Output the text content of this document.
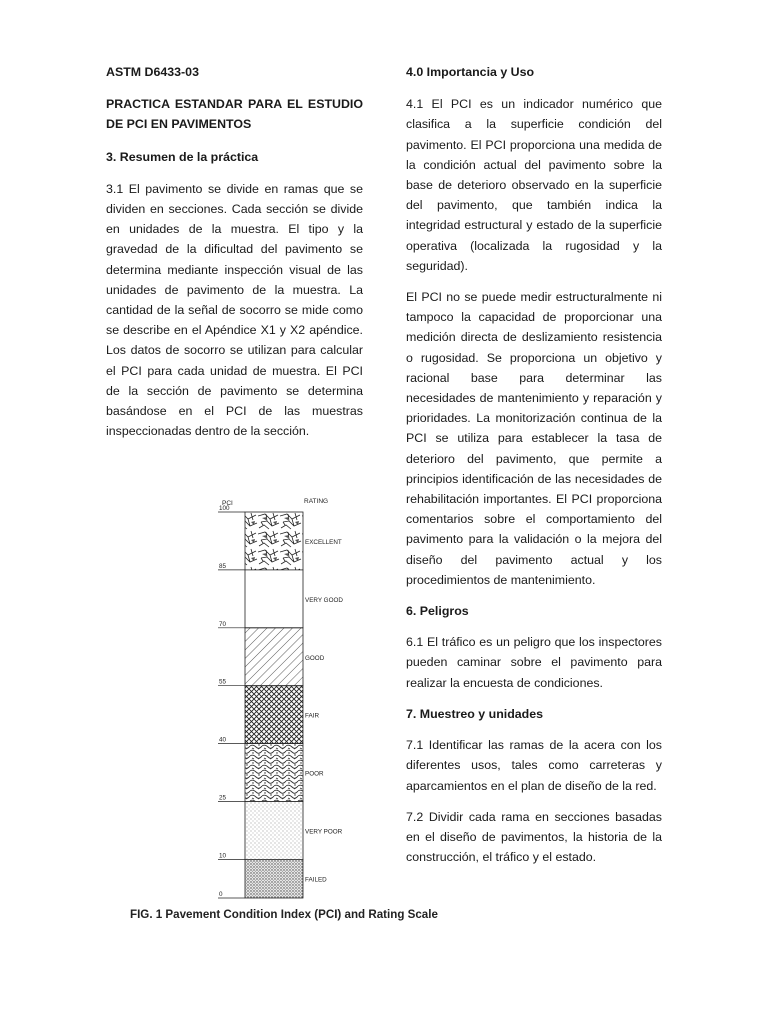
ASTM D6433-03

PRACTICA ESTANDAR PARA EL ESTUDIO DE PCI EN PAVIMENTOS

3. Resumen de la práctica

3.1 El pavimento se divide en ramas que se dividen en secciones. Cada sección se divide en unidades de la muestra. El tipo y la gravedad de la dificultad del pavimento se determina mediante inspección visual de las unidades de pavimento de la muestra. La cantidad de la señal de socorro se mide como se describe en el Apéndice X1 y X2 apéndice. Los datos de socorro se utilizan para calcular el PCI para cada unidad de muestra. El PCI de la sección de pavimento se determina basándose en el PCI de las muestras inspeccionadas dentro de la sección.

4.0 Importancia y Uso

4.1 El PCI es un indicador numérico que clasifica a la superficie condición del pavimento. El PCI proporciona una medida de la condición actual del pavimento sobre la base de deterioro observado en la superficie del pavimento, que también indica la integridad estructural y estado de la superficie operativa (localizada la rugosidad y la seguridad).

El PCI no se puede medir estructuralmente ni tampoco la capacidad de proporcionar una medición directa de deslizamiento resistencia o rugosidad. Se proporciona un objetivo y racional base para determinar las necesidades de mantenimiento y reparación y prioridades. La monitorización continua de la PCI se utiliza para establecer la tasa de deterioro del pavimento, que permite a principios identificación de las necesidades de rehabilitación importantes. El PCI proporciona comentarios sobre el comportamiento del pavimento para la validación o la mejora del diseño del pavimento actual y los procedimientos de mantenimiento.

6. Peligros

6.1 El tráfico es un peligro que los inspectores pueden caminar sobre el pavimento para realizar la encuesta de condiciones.

7. Muestreo y unidades

7.1 Identificar las ramas de la acera con los diferentes usos, tales como carreteras y aparcamientos en el plan de diseño de la red.

7.2 Dividir cada rama en secciones basadas en el diseño de pavimentos, la historia de la construcción, el tráfico y el estado.

100
85
70
55
40
25
10
0
EXCELLENT
VERY GOOD
GOOD
FAIR
POOR
VERY POOR
FAILED
PCI	RATING
FIG. 1 Pavement Condition Index (PCI) and Rating Scale
